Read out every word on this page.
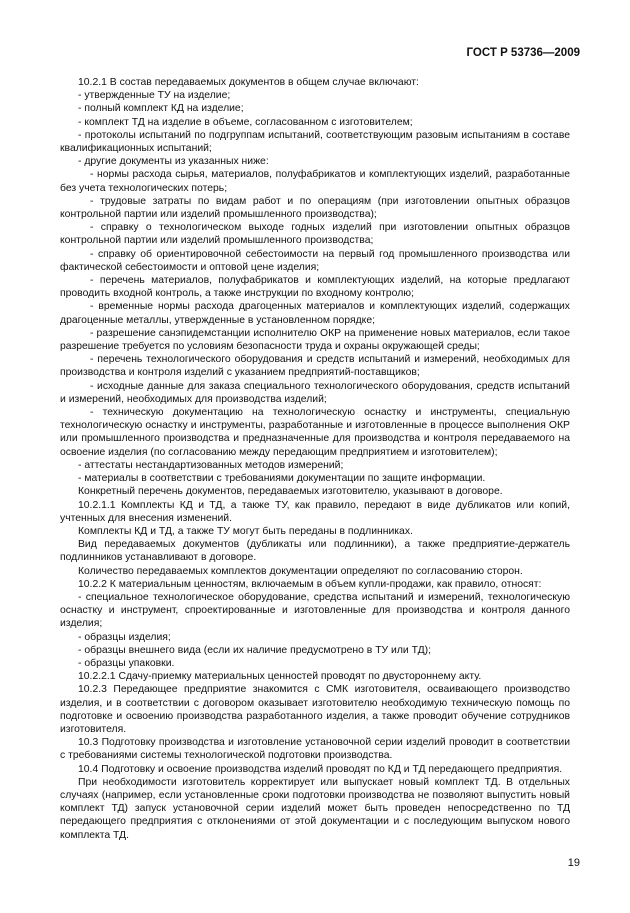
ГОСТ Р 53736—2009

10.2.1 В состав передаваемых документов в общем случае включают:

- утвержденные ТУ на изделие;

- полный комплект КД на изделие;

- комплект ТД на изделие в объеме, согласованном с изготовителем;

- протоколы испытаний по подгруппам испытаний, соответствующим разовым испытаниям в составе квалификационных испытаний;

- другие документы из указанных ниже:

- нормы расхода сырья, материалов, полуфабрикатов и комплектующих изделий, разработанные без учета технологических потерь;

- трудовые затраты по видам работ и по операциям (при изготовлении опытных образцов контрольной партии или изделий промышленного производства);

- справку о технологическом выходе годных изделий при изготовлении опытных образцов контрольной партии или изделий промышленного производства;

- справку об ориентировочной себестоимости на первый год промышленного производства или фактической себестоимости и оптовой цене изделия;

- перечень материалов, полуфабрикатов и комплектующих изделий, на которые предлагают проводить входной контроль, а также инструкции по входному контролю;

- временные нормы расхода драгоценных материалов и комплектующих изделий, содержащих драгоценные металлы, утвержденные в установленном порядке;

- разрешение санэпидемстанции исполнителю ОКР на применение новых материалов, если такое разрешение требуется по условиям безопасности труда и охраны окружающей среды;

- перечень технологического оборудования и средств испытаний и измерений, необходимых для производства и контроля изделий с указанием предприятий-поставщиков;

- исходные данные для заказа специального технологического оборудования, средств испытаний и измерений, необходимых для производства изделий;

- техническую документацию на технологическую оснастку и инструменты, специальную технологическую оснастку и инструменты, разработанные и изготовленные в процессе выполнения ОКР или промышленного производства и предназначенные для производства и контроля передаваемого на освоение изделия (по согласованию между передающим предприятием и изготовителем);

- аттестаты нестандартизованных методов измерений;

- материалы в соответствии с требованиями документации по защите информации.

Конкретный перечень документов, передаваемых изготовителю, указывают в договоре.

10.2.1.1 Комплекты КД и ТД, а также ТУ, как правило, передают в виде дубликатов или копий, учтенных для внесения изменений.

Комплекты КД и ТД, а также ТУ могут быть переданы в подлинниках.

Вид передаваемых документов (дубликаты или подлинники), а также предприятие-держатель подлинников устанавливают в договоре.

Количество передаваемых комплектов документации определяют по согласованию сторон.

10.2.2 К материальным ценностям, включаемым в объем купли-продажи, как правило, относят:

- специальное технологическое оборудование, средства испытаний и измерений, технологическую оснастку и инструмент, спроектированные и изготовленные для производства и контроля данного изделия;

- образцы изделия;

- образцы внешнего вида (если их наличие предусмотрено в ТУ или ТД);

- образцы упаковки.

10.2.2.1 Сдачу-приемку материальных ценностей проводят по двустороннему акту.

10.2.3 Передающее предприятие знакомится с СМК изготовителя, осваивающего производство изделия, и в соответствии с договором оказывает изготовителю необходимую техническую помощь по подготовке и освоению производства разработанного изделия, а также проводит обучение сотрудников изготовителя.

10.3 Подготовку производства и изготовление установочной серии изделий проводит в соответствии с требованиями системы технологической подготовки производства.

10.4 Подготовку и освоение производства изделий проводят по КД и ТД передающего предприятия.

При необходимости изготовитель корректирует или выпускает новый комплект ТД. В отдельных случаях (например, если установленные сроки подготовки производства не позволяют выпустить новый комплект ТД) запуск установочной серии изделий может быть проведен непосредственно по ТД передающего предприятия с отклонениями от этой документации и с последующим выпуском нового комплекта ТД.

19
